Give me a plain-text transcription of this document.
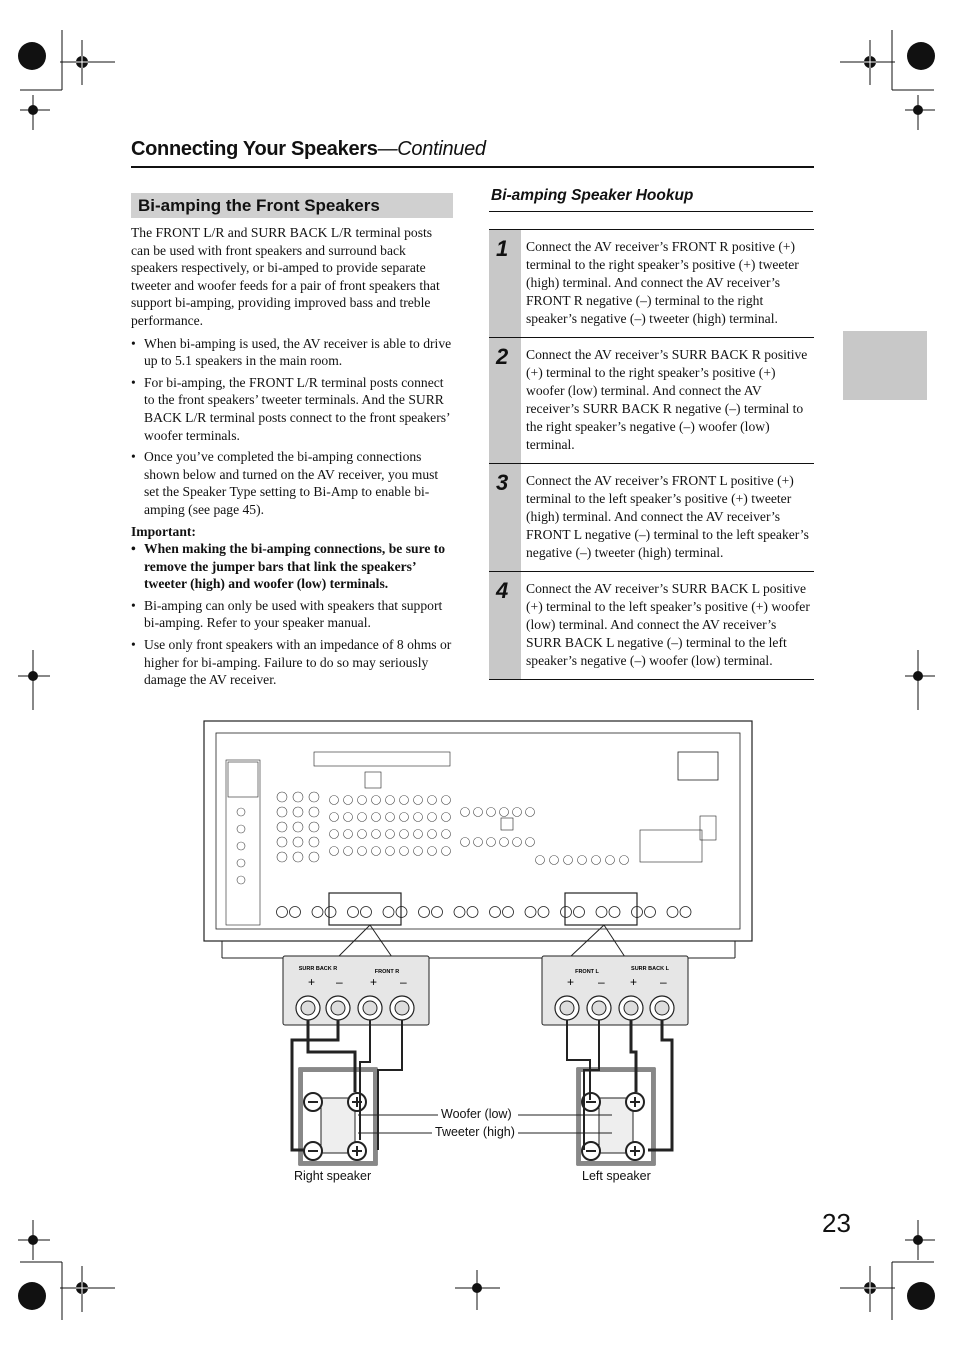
Connecting Your Speakers—Continued
Bi-amping the Front Speakers
Bi-amping Speaker Hookup

The FRONT L/R and SURR BACK L/R terminal posts can be used with front speakers and surround back speakers respectively, or bi-amped to provide separate tweeter and woofer feeds for a pair of front speakers that support bi-amping, providing improved bass and treble performance.

• When bi-amping is used, the AV receiver is able to drive up to 5.1 speakers in the main room.
• For bi-amping, the FRONT L/R terminal posts connect to the front speakers’ tweeter terminals. And the SURR BACK L/R terminal posts connect to the front speakers’ woofer terminals.
• Once you’ve completed the bi-amping connections shown below and turned on the AV receiver, you must set the Speaker Type setting to Bi-Amp to enable bi-amping (see page 45).
Important:
• When making the bi-amping connections, be sure to remove the jumper bars that link the speakers’ tweeter (high) and woofer (low) terminals.
• Bi-amping can only be used with speakers that support bi-amping. Refer to your speaker manual.
• Use only front speakers with an impedance of 8 ohms or higher for bi-amping. Failure to do so may seriously damage the AV receiver.
1	Connect the AV receiver’s FRONT R positive (+) terminal to the right speaker’s positive (+) tweeter (high) terminal. And connect the AV receiver’s FRONT R negative (–) terminal to the right speaker’s negative (–) tweeter (high) terminal.
2	Connect the AV receiver’s SURR BACK R positive (+) terminal to the right speaker’s positive (+) woofer (low) terminal. And connect the AV receiver’s SURR BACK R negative (–) terminal to the right speaker’s negative (–) woofer (low) terminal.
3	Connect the AV receiver’s FRONT L positive (+) terminal to the left speaker’s positive (+) tweeter (high) terminal. And connect the AV receiver’s FRONT L negative (–) terminal to the left speaker’s negative (–) tweeter (high) terminal.
4	Connect the AV receiver’s SURR BACK L positive (+) terminal to the left speaker’s positive (+) woofer (low) terminal. And connect the AV receiver’s SURR BACK L negative (–) terminal to the left speaker’s negative (–) woofer (low) terminal.
SURR BACK R	FRONT R	FRONT L	SURR BACK L
+ – + –	+ – + –
Woofer (low)
Tweeter (high)
Right speaker	Left speaker
23
